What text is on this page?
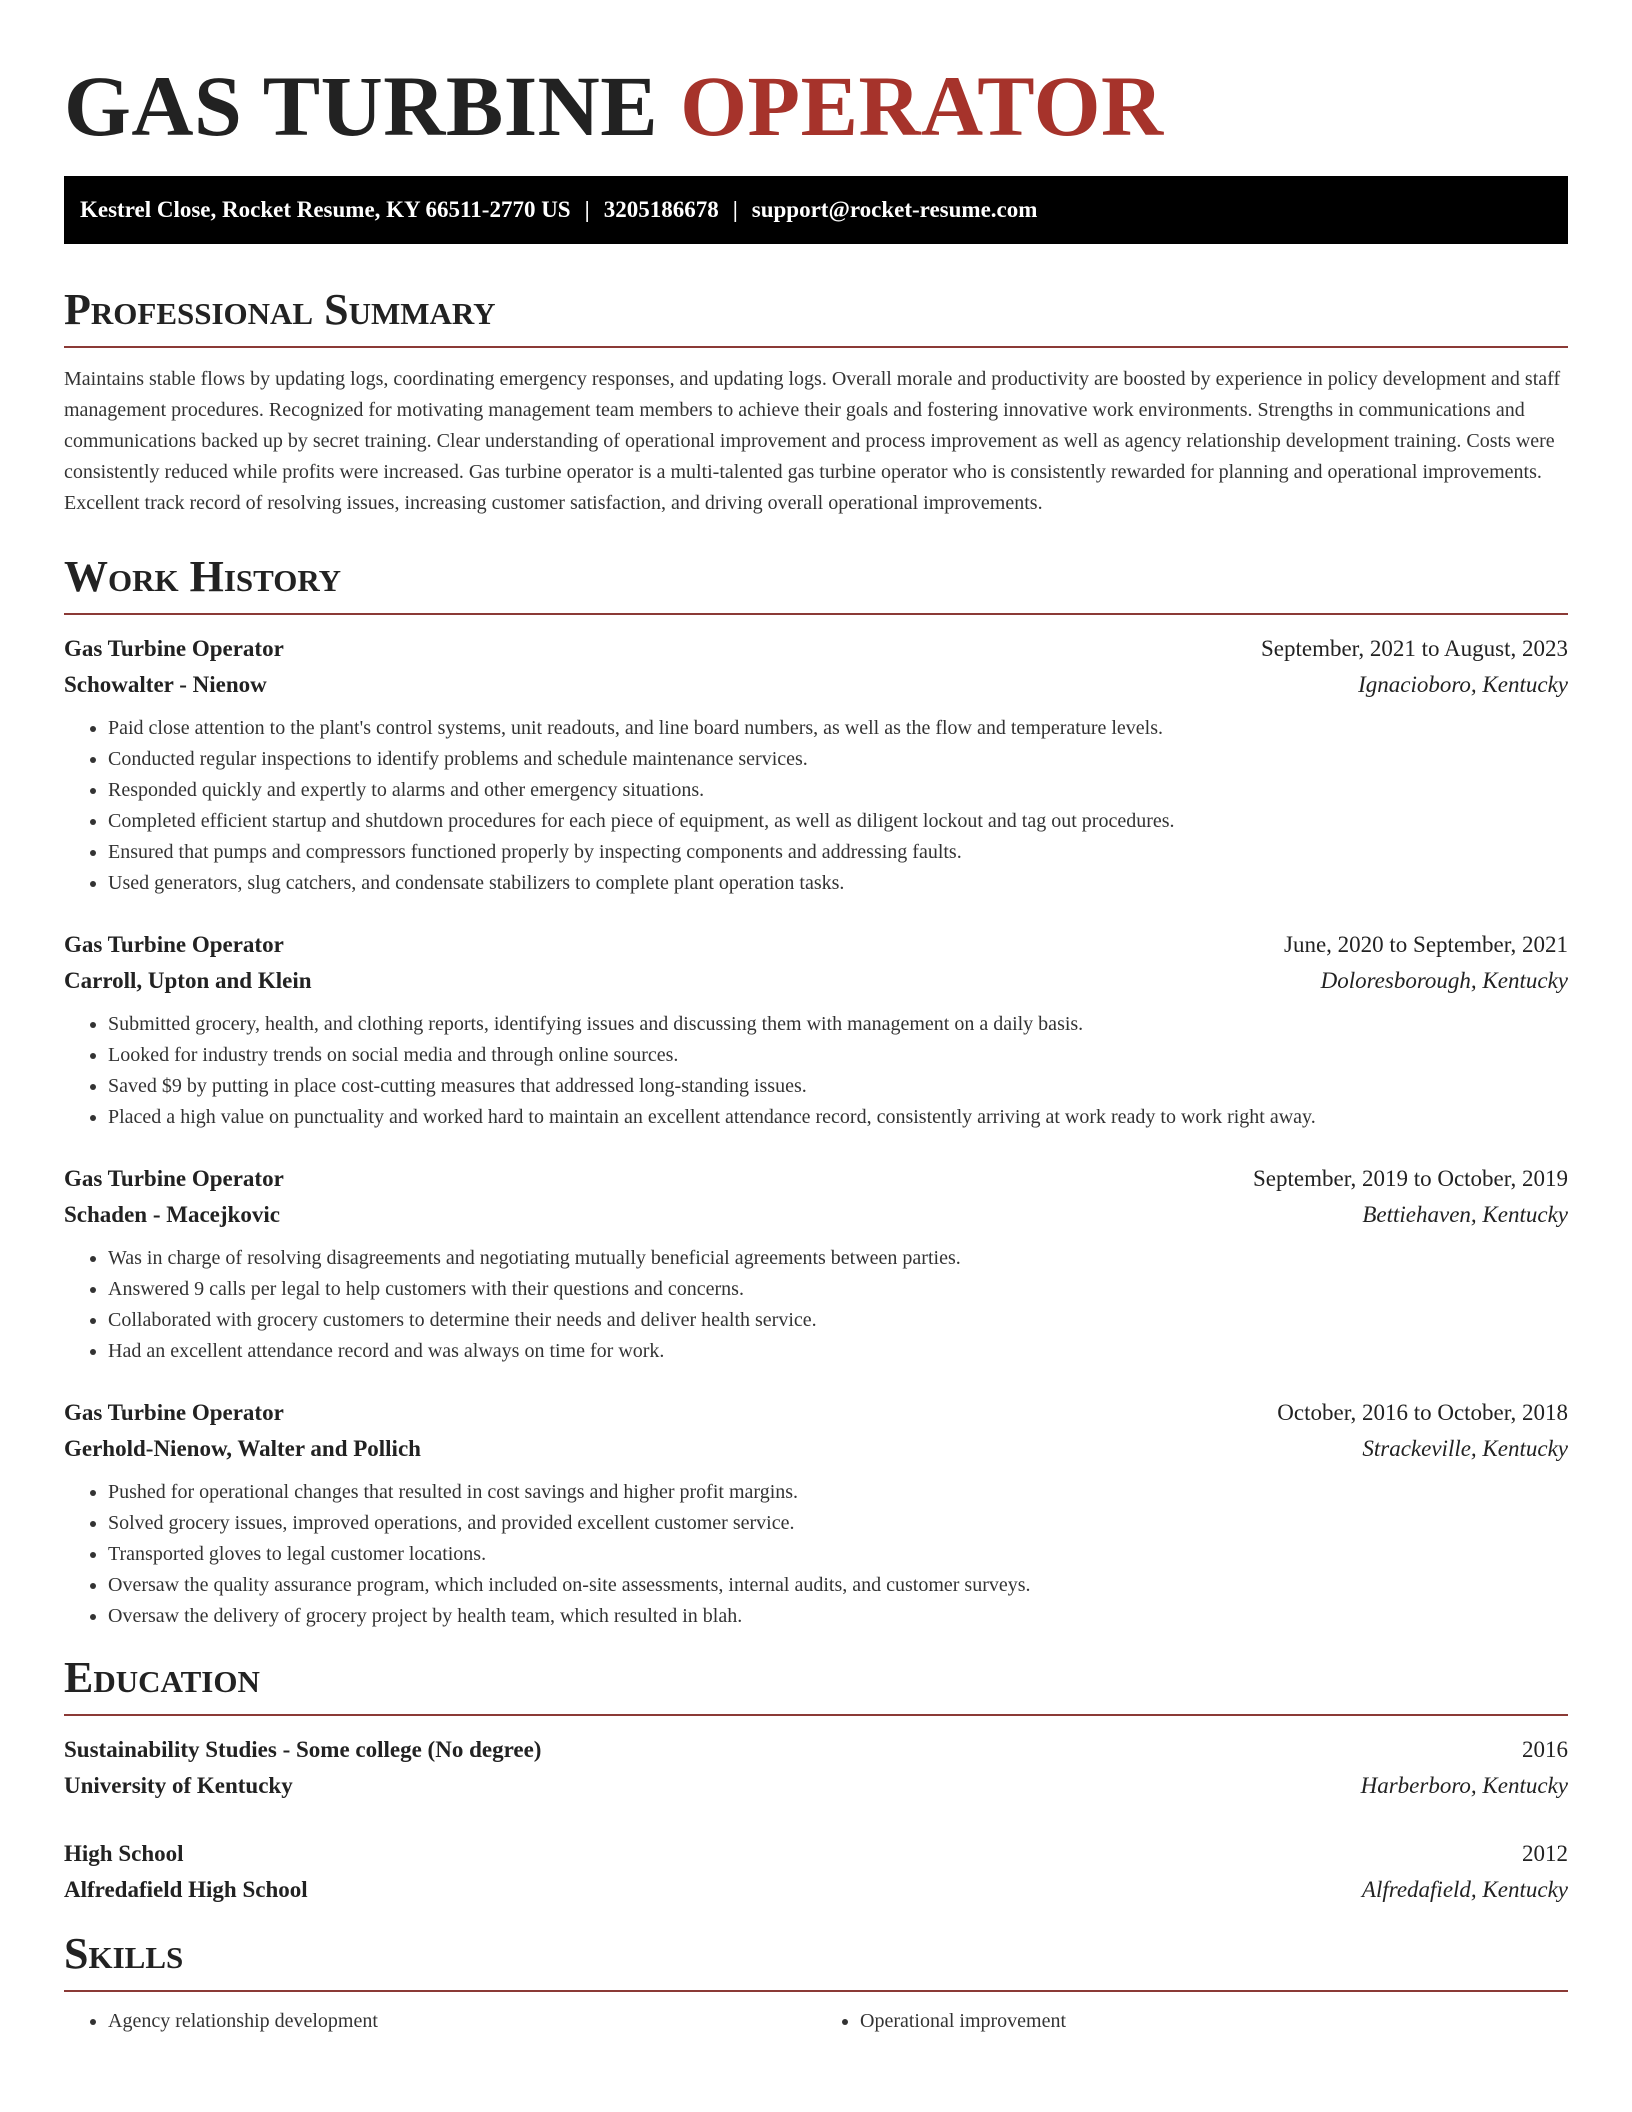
GAS TURBINE OPERATOR
Kestrel Close, Rocket Resume, KY 66511-2770 US | 3205186678 | support@rocket-resume.com
Professional Summary

Maintains stable flows by updating logs, coordinating emergency responses, and updating logs. Overall morale and productivity are boosted by experience in policy development and staff management procedures. Recognized for motivating management team members to achieve their goals and fostering innovative work environments. Strengths in communications and communications backed up by secret training. Clear understanding of operational improvement and process improvement as well as agency relationship development training. Costs were consistently reduced while profits were increased. Gas turbine operator is a multi-talented gas turbine operator who is consistently rewarded for planning and operational improvements. Excellent track record of resolving issues, increasing customer satisfaction, and driving overall operational improvements.

Work History
Gas Turbine Operator	September, 2021 to August, 2023
Schowalter - Nienow	Ignacioboro, Kentucky
• Paid close attention to the plant's control systems, unit readouts, and line board numbers, as well as the flow and temperature levels.
• Conducted regular inspections to identify problems and schedule maintenance services.
• Responded quickly and expertly to alarms and other emergency situations.
• Completed efficient startup and shutdown procedures for each piece of equipment, as well as diligent lockout and tag out procedures.
• Ensured that pumps and compressors functioned properly by inspecting components and addressing faults.
• Used generators, slug catchers, and condensate stabilizers to complete plant operation tasks.
Gas Turbine Operator	June, 2020 to September, 2021
Carroll, Upton and Klein	Doloresborough, Kentucky
• Submitted grocery, health, and clothing reports, identifying issues and discussing them with management on a daily basis.
• Looked for industry trends on social media and through online sources.
• Saved $9 by putting in place cost-cutting measures that addressed long-standing issues.
• Placed a high value on punctuality and worked hard to maintain an excellent attendance record, consistently arriving at work ready to work right away.
Gas Turbine Operator	September, 2019 to October, 2019
Schaden - Macejkovic	Bettiehaven, Kentucky
• Was in charge of resolving disagreements and negotiating mutually beneficial agreements between parties.
• Answered 9 calls per legal to help customers with their questions and concerns.
• Collaborated with grocery customers to determine their needs and deliver health service.
• Had an excellent attendance record and was always on time for work.
Gas Turbine Operator	October, 2016 to October, 2018
Gerhold-Nienow, Walter and Pollich	Strackeville, Kentucky
• Pushed for operational changes that resulted in cost savings and higher profit margins.
• Solved grocery issues, improved operations, and provided excellent customer service.
• Transported gloves to legal customer locations.
• Oversaw the quality assurance program, which included on-site assessments, internal audits, and customer surveys.
• Oversaw the delivery of grocery project by health team, which resulted in blah.
Education
Sustainability Studies - Some college (No degree)	2016
University of Kentucky	Harberboro, Kentucky
High School	2012
Alfredafield High School	Alfredafield, Kentucky
Skills
• Agency relationship development
•	Operational improvement
